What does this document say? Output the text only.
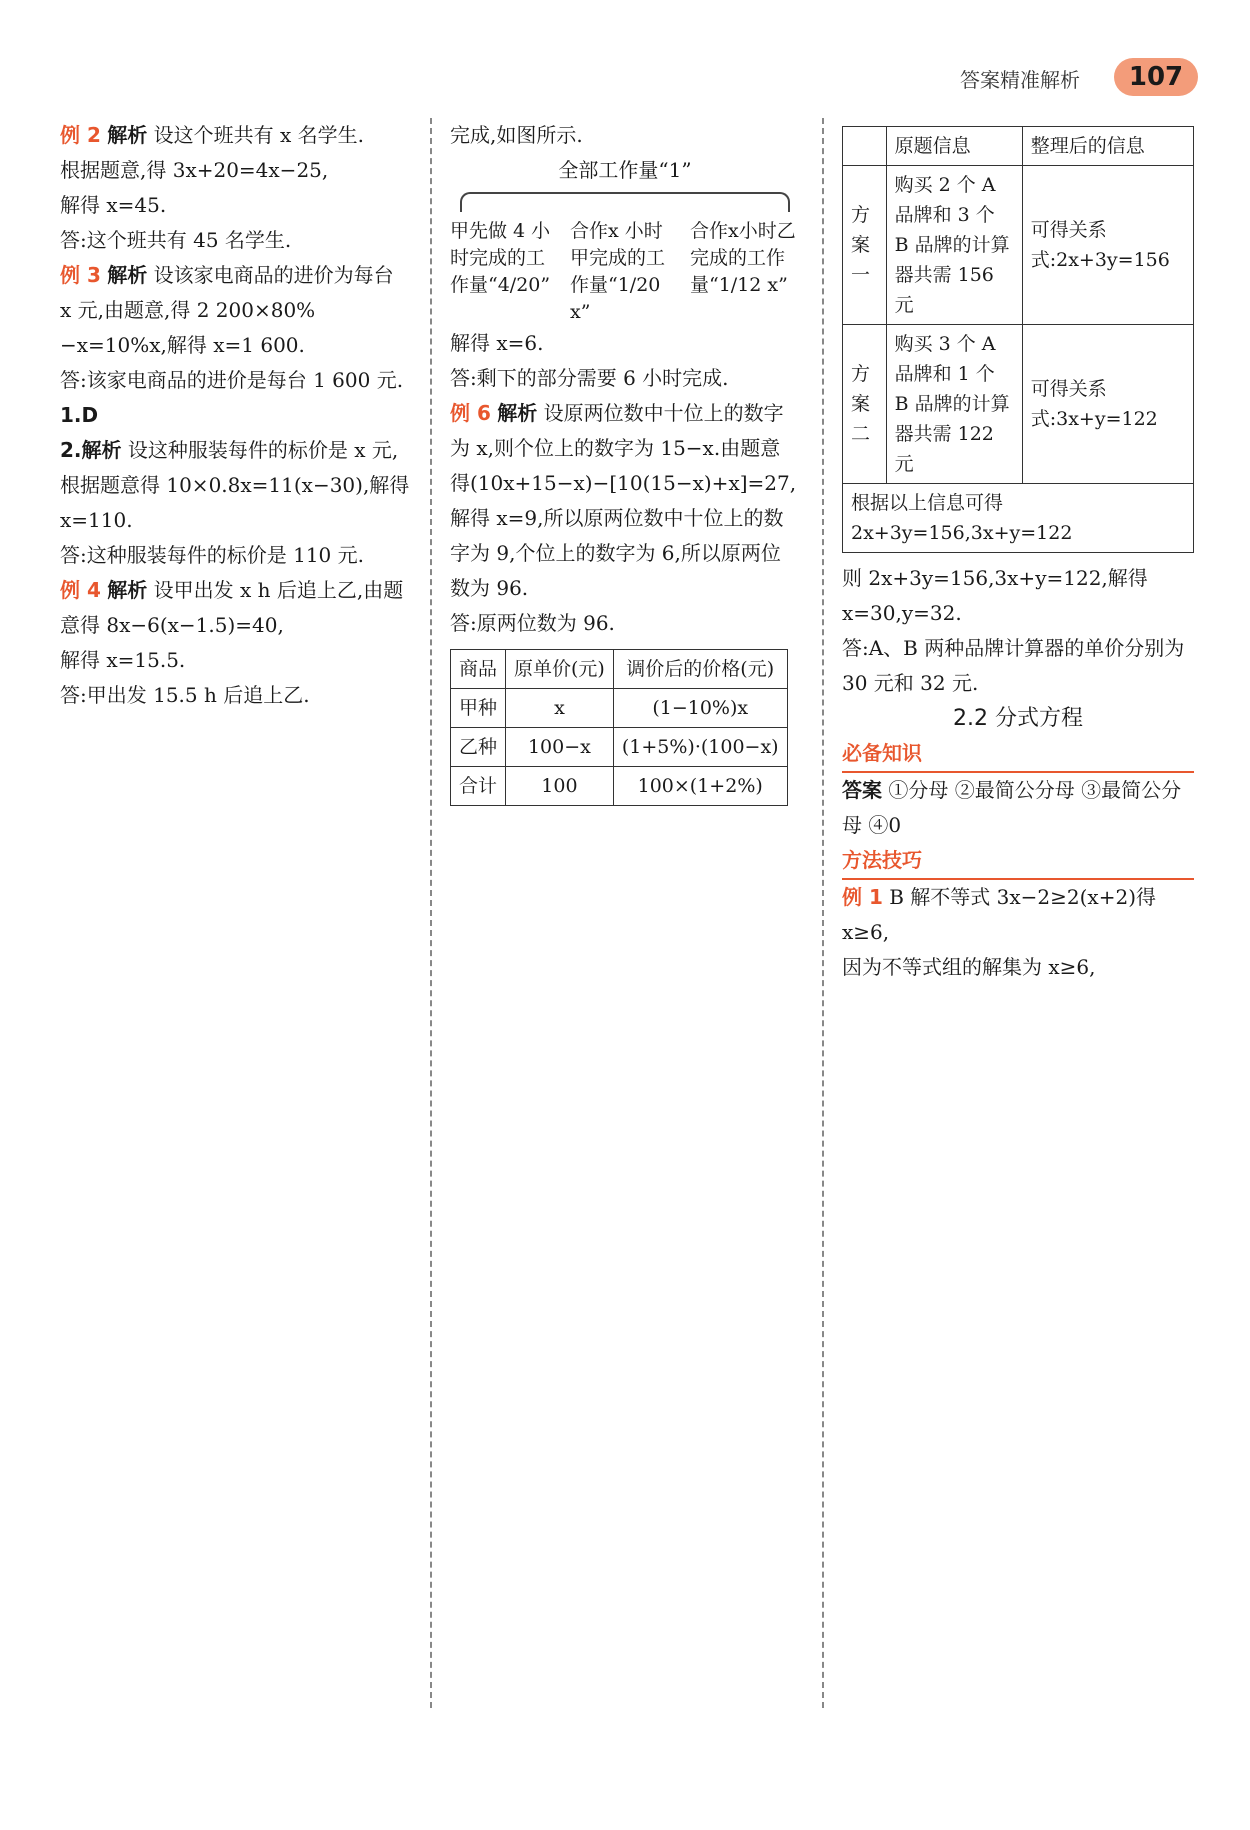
答案精准解析	107

例 2 解析 设这个班共有 x 名学生.

根据题意,得 3x+20=4x−25,

解得 x=45.

答:这个班共有 45 名学生.

例 3 解析 设该家电商品的进价为每台 x 元,由题意,得 2 200×80%−x=10%x,解得 x=1 600.

答:该家电商品的进价是每台 1 600 元.

1.D

2.解析 设这种服装每件的标价是 x 元,根据题意得 10×0.8x=11(x−30),解得 x=110.

答:这种服装每件的标价是 110 元.

例 4 解析 设甲出发 x h 后追上乙,由题意得 8x−6(x−1.5)=40,

解得 x=15.5.

答:甲出发 15.5 h 后追上乙.

完成,如图所示.

全部工作量“1”

甲先做 4 小时完成的工作量“4/20”
合作x 小时甲完成的工作量“1/20 x”
合作x小时乙完成的工作量“1/12 x”

解得 x=6.

答:剩下的部分需要 6 小时完成.

例 6 解析 设原两位数中十位上的数字为 x,则个位上的数字为 15−x.由题意得(10x+15−x)−[10(15−x)+x]=27,解得 x=9,所以原两位数中十位上的数字为 9,个位上的数字为 6,所以原两位数为 96.

答:原两位数为 96.

商品	原单价(元)	调价后的价格(元)
甲种	x	(1−10%)x
乙种	100−x	(1+5%)·(100−x)
合计	100	100×(1+2%)
	原题信息	整理后的信息
方案一	购买 2 个 A 品牌和 3 个 B 品牌的计算器共需 156 元	可得关系式:2x+3y=156
方案二	购买 3 个 A 品牌和 1 个 B 品牌的计算器共需 122 元	可得关系式:3x+y=122
根据以上信息可得 2x+3y=156,3x+y=122		

则 2x+3y=156,3x+y=122,解得 x=30,y=32.

答:A、B 两种品牌计算器的单价分别为 30 元和 32 元.

2.2 分式方程

必备知识

答案 ①分母 ②最简公分母 ③最简公分母 ④0

方法技巧

例 1 B 解不等式 3x−2≥2(x+2)得 x≥6,

因为不等式组的解集为 x≥6,
